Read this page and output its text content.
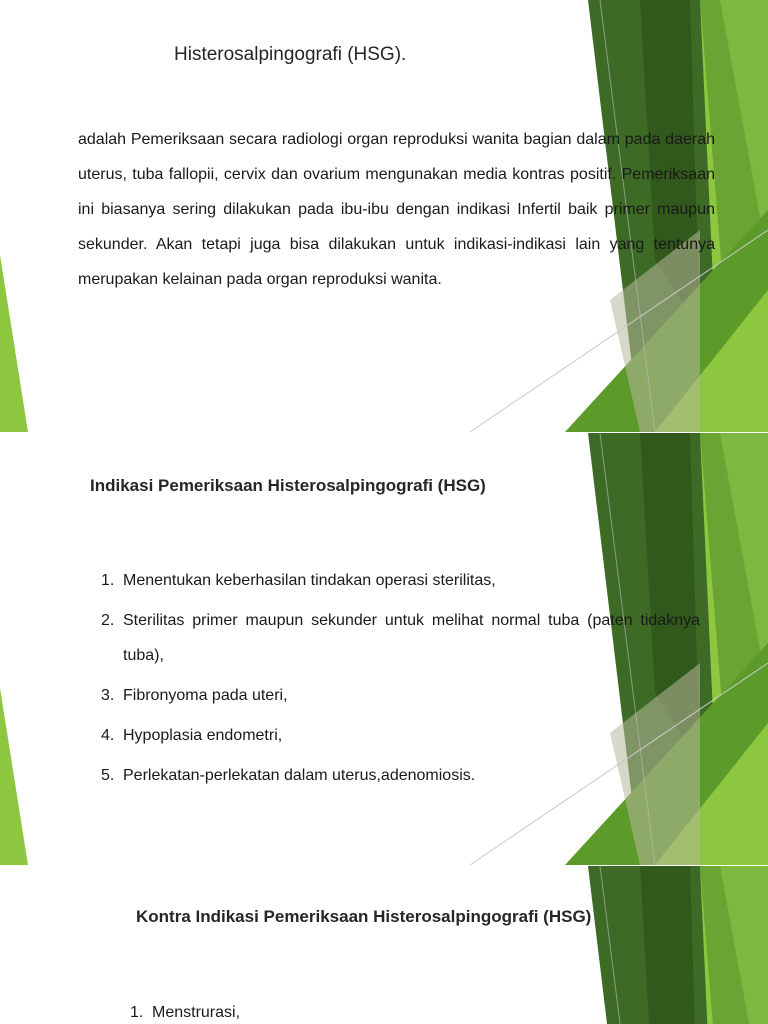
Histerosalpingografi (HSG).

adalah Pemeriksaan secara radiologi organ reproduksi wanita bagian dalam pada daerah uterus, tuba fallopii, cervix dan ovarium mengunakan media kontras positif. Pemeriksaan ini biasanya sering dilakukan pada ibu-ibu dengan indikasi Infertil baik primer maupun sekunder. Akan tetapi juga bisa dilakukan untuk indikasi-indikasi lain yang tentunya merupakan kelainan pada organ reproduksi wanita.

Indikasi Pemeriksaan Histerosalpingografi (HSG)
1. Menentukan keberhasilan tindakan operasi sterilitas,
2. Sterilitas primer maupun sekunder untuk melihat normal tuba (paten tidaknya tuba),
3. Fibronyoma pada uteri,
4. Hypoplasia endometri,
5. Perlekatan-perlekatan dalam uterus,adenomiosis.
Kontra Indikasi Pemeriksaan Histerosalpingografi (HSG)
1. Menstrurasi,
